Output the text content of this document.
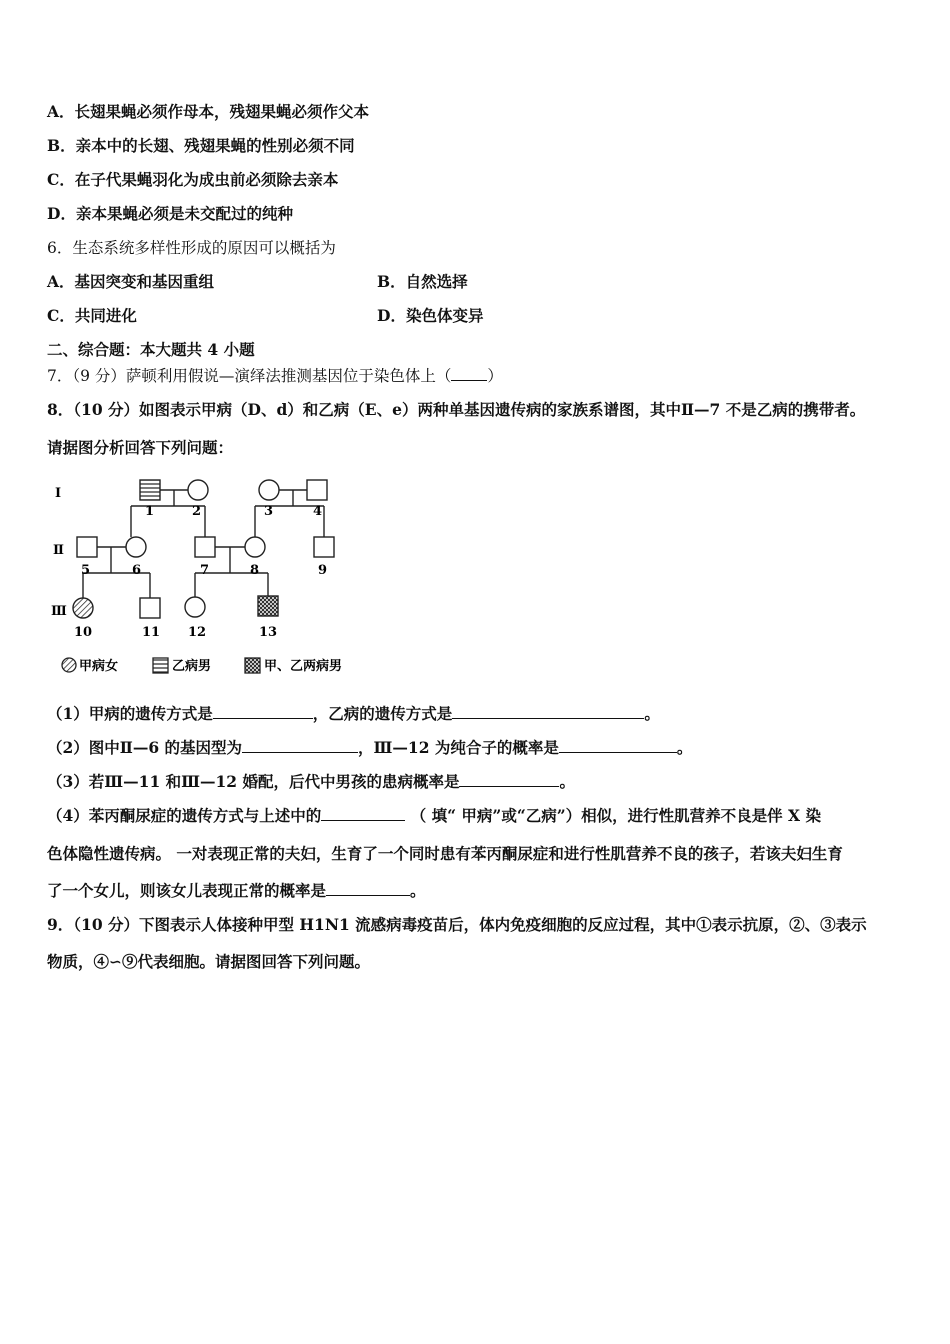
A．长翅果蝇必须作母本，残翅果蝇必须作父本
B．亲本中的长翅、残翅果蝇的性别必须不同
C．在子代果蝇羽化为成虫前必须除去亲本
D．亲本果蝇必须是未交配过的纯种
6．生态系统多样性形成的原因可以概括为
A．基因突变和基因重组	B．自然选择
C．共同进化	D．染色体变异
二、综合题：本大题共 4 小题
7．（9 分）萨顿利用假说—演绎法推测基因位于染色体上（ ）
8．（10 分）如图表示甲病（D、d）和乙病（E、e）两种单基因遗传病的家族系谱图，其中Ⅱ—7 不是乙病的携带者。
请据图分析回答下列问题：
Ⅰ
Ⅱ
Ⅲ
1	2	3	4
5	6	7	8	9
10	11 12	13
甲病女	乙病男	甲、乙两病男
（1）甲病的遗传方式是	，乙病的遗传方式是	。
（2）图中Ⅱ—6 的基因型为	，Ⅲ—12 为纯合子的概率是	。
（3）若Ⅲ—11 和Ⅲ—12 婚配，后代中男孩的患病概率是	。
（4）苯丙酮尿症的遗传方式与上述中的	（ 填“ 甲病”或“乙病”）相似，进行性肌营养不良是伴 X 染
色体隐性遗传病。 一对表现正常的夫妇，生育了一个同时患有苯丙酮尿症和进行性肌营养不良的孩子，若该夫妇生育
了一个女儿，则该女儿表现正常的概率是	。
9．（10 分）下图表示人体接种甲型 H1N1 流感病毒疫苗后，体内免疫细胞的反应过程，其中①表示抗原，②、③表示
物质，④∽⑨代表细胞。请据图回答下列问题。
